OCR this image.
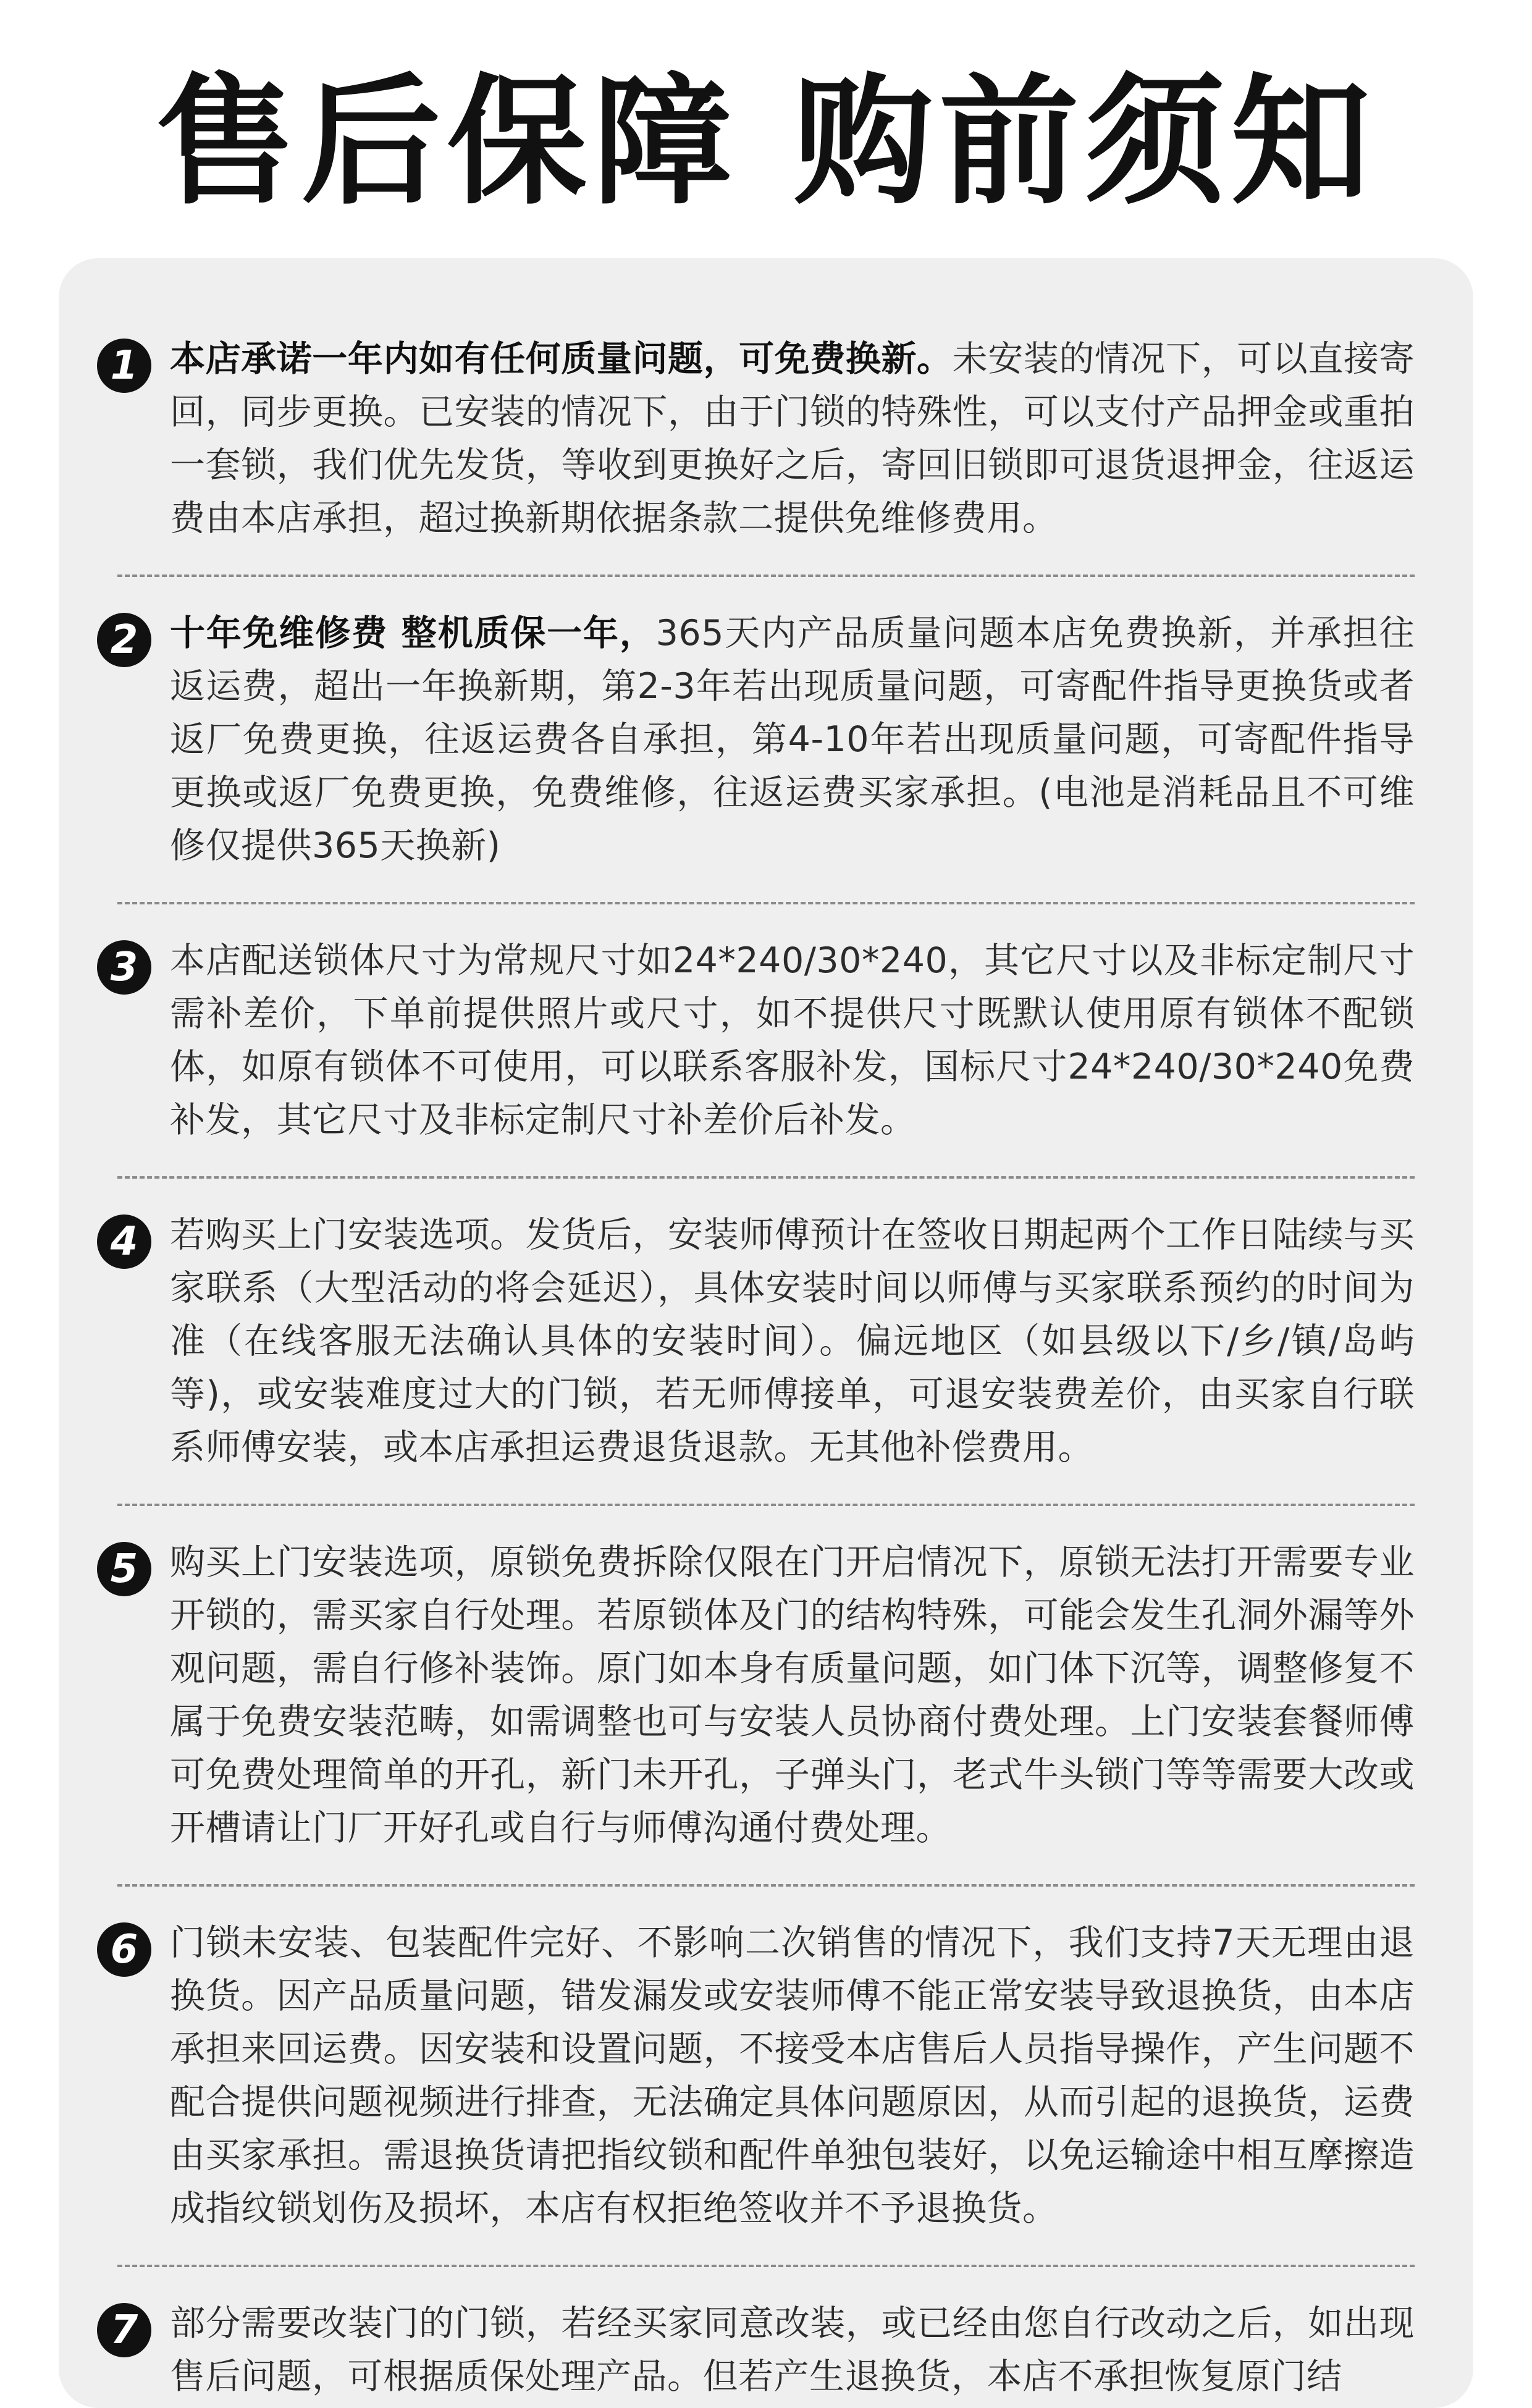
售后保障 购前须知
1 本店承诺一年内如有任何质量问题，可免费换新。未安装的情况下，可以直接寄回，同步更换。已安装的情况下，由于门锁的特殊性，可以支付产品押金或重拍一套锁，我们优先发货，等收到更换好之后，寄回旧锁即可退货退押金，往返运费由本店承担，超过换新期依据条款二提供免维修费用。
2 十年免维修费 整机质保一年，365天内产品质量问题本店免费换新，并承担往返运费，超出一年换新期，第2-3年若出现质量问题，可寄配件指导更换货或者返厂免费更换，往返运费各自承担，第4-10年若出现质量问题，可寄配件指导更换或返厂免费更换，免费维修，往返运费买家承担。(电池是消耗品且不可维修仅提供365天换新)
3 本店配送锁体尺寸为常规尺寸如24*240/30*240，其它尺寸以及非标定制尺寸需补差价，下单前提供照片或尺寸，如不提供尺寸既默认使用原有锁体不配锁体，如原有锁体不可使用，可以联系客服补发，国标尺寸24*240/30*240免费补发，其它尺寸及非标定制尺寸补差价后补发。
4 若购买上门安装选项。发货后，安装师傅预计在签收日期起两个工作日陆续与买家联系（大型活动的将会延迟），具体安装时间以师傅与买家联系预约的时间为准（在线客服无法确认具体的安装时间）。偏远地区（如县级以下/乡/镇/岛屿等)，或安装难度过大的门锁，若无师傅接单，可退安装费差价，由买家自行联系师傅安装，或本店承担运费退货退款。无其他补偿费用。
5 购买上门安装选项，原锁免费拆除仅限在门开启情况下，原锁无法打开需要专业开锁的，需买家自行处理。若原锁体及门的结构特殊，可能会发生孔洞外漏等外观问题，需自行修补装饰。原门如本身有质量问题，如门体下沉等，调整修复不属于免费安装范畴，如需调整也可与安装人员协商付费处理。上门安装套餐师傅可免费处理简单的开孔，新门未开孔，子弹头门，老式牛头锁门等等需要大改或开槽请让门厂开好孔或自行与师傅沟通付费处理。
6 门锁未安装、包装配件完好、不影响二次销售的情况下，我们支持7天无理由退换货。因产品质量问题，错发漏发或安装师傅不能正常安装导致退换货，由本店承担来回运费。因安装和设置问题，不接受本店售后人员指导操作，产生问题不配合提供问题视频进行排查，无法确定具体问题原因，从而引起的退换货，运费由买家承担。需退换货请把指纹锁和配件单独包装好，以免运输途中相互摩擦造成指纹锁划伤及损坏，本店有权拒绝签收并不予退换货。
7 部分需要改装门的门锁，若经买家同意改装，或已经由您自行改动之后，如出现售后问题，可根据质保处理产品。但若产生退换货，本店不承担恢复原门结
